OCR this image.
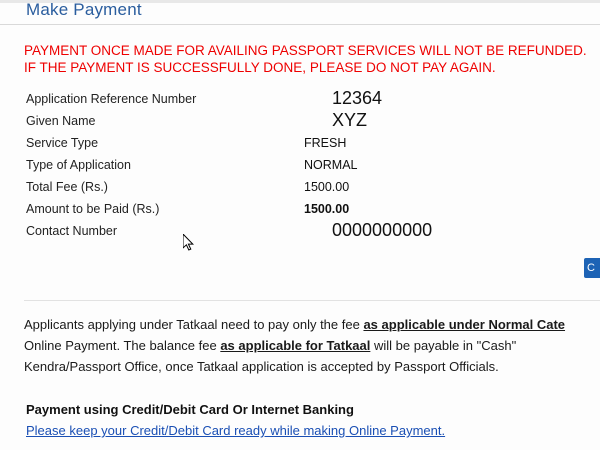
Make Payment
PAYMENT ONCE MADE FOR AVAILING PASSPORT SERVICES WILL NOT BE REFUNDED.
IF THE PAYMENT IS SUCCESSFULLY DONE, PLEASE DO NOT PAY AGAIN.
Application Reference Number	12364
Given Name	XYZ
Service Type	FRESH
Type of Application	NORMAL
Total Fee (Rs.)	1500.00
Amount to be Paid (Rs.)	1500.00
Contact Number	0000000000
C
Applicants applying under Tatkaal need to pay only the fee as applicable under Normal Cate
Online Payment. The balance fee as applicable for Tatkaal will be payable in "Cash"
Kendra/Passport Office, once Tatkaal application is accepted by Passport Officials.
Payment using Credit/Debit Card Or Internet Banking
Please keep your Credit/Debit Card ready while making Online Payment.
